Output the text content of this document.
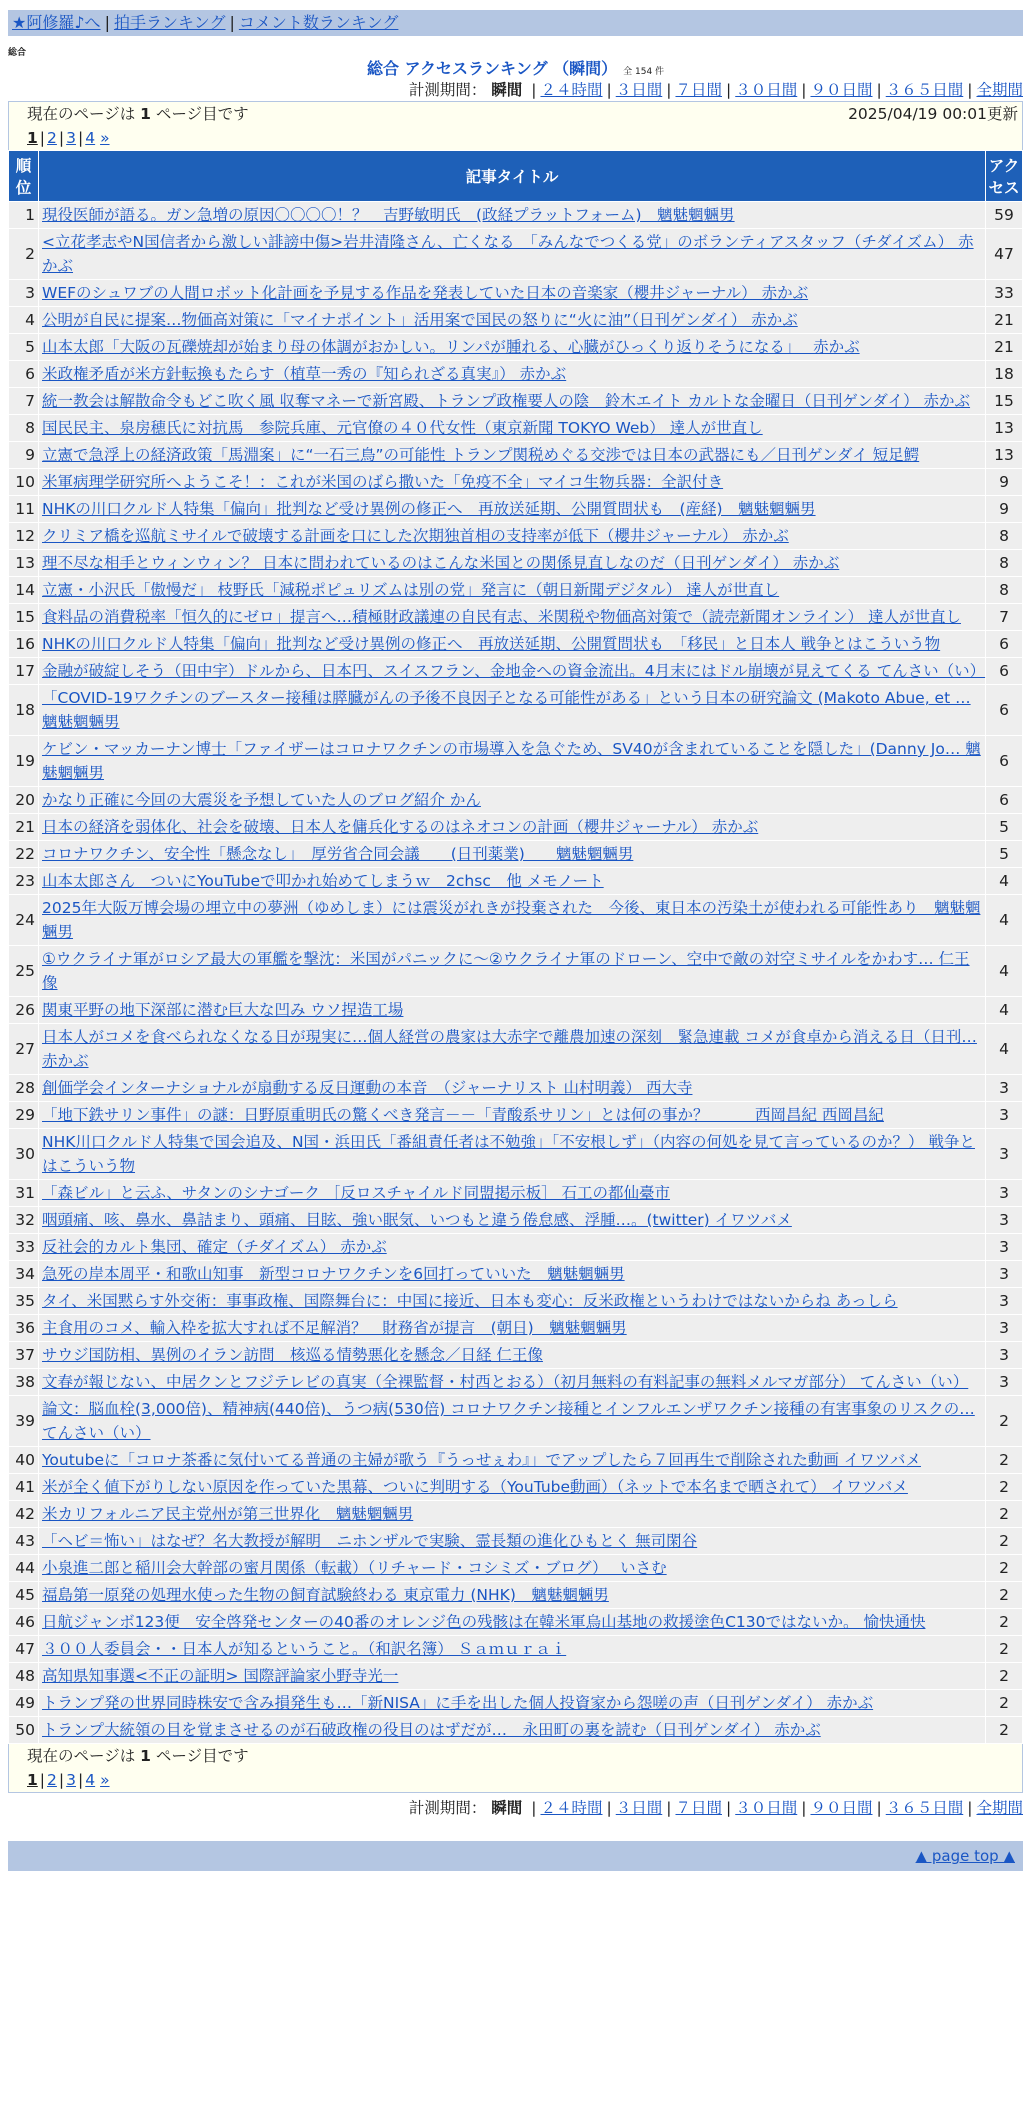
★阿修羅♪へ | 拍手ランキング | コメント数ランキング
総合
総合 アクセスランキング （瞬間） 全 154 件
計測期間： 瞬間 | ２４時間 | ３日間 | ７日間 | ３０日間 | ９０日間 | ３６５日間 | 全期間
現在のページは 1 ページ目です	2025/04/19 00:01更新
1 | 2 | 3 | 4 »
順
位	記事タイトル	アク
セス
1	現役医師が語る。ガン急増の原因〇〇〇〇！？　吉野敏明氏　(政経プラットフォーム)　魑魅魍魎男	59
2	<立花孝志やN国信者から激しい誹謗中傷>岩井清隆さん、亡くなる　「みんなでつくる党」のボランティアスタッフ（チダイズム） 赤かぶ	47
3	WEFのシュワブの人間ロボット化計画を予見する作品を発表していた日本の音楽家（櫻井ジャーナル） 赤かぶ	33
4	公明が自民に提案…物価高対策に「マイナポイント」活用案で国民の怒りに“火に油”（日刊ゲンダイ） 赤かぶ	21
5	山本太郎「大阪の瓦礫焼却が始まり母の体調がおかしい。リンパが腫れる、心臓がひっくり返りそうになる」　 赤かぶ	21
6	米政権矛盾が米方針転換もたらす（植草一秀の『知られざる真実』） 赤かぶ	18
7	統一教会は解散命令もどこ吹く風 収奪マネーで新宮殿、トランプ政権要人の陰　鈴木エイト カルトな金曜日（日刊ゲンダイ） 赤かぶ	15
8	国民民主、泉房穂氏に対抗馬　参院兵庫、元官僚の４０代女性（東京新聞 TOKYO Web） 達人が世直し	13
9	立憲で急浮上の経済政策「馬淵案」に“一石三鳥”の可能性 トランプ関税めぐる交渉では日本の武器にも／日刊ゲンダイ 短足鰐	13
10	米軍病理学研究所へようこそ！：これが米国のばら撒いた「免疫不全」マイコ生物兵器：全訳付き	9
11	NHKの川口クルド人特集「偏向」批判など受け異例の修正へ　再放送延期、公開質問状も　(産経)　魑魅魍魎男	9
12	クリミア橋を巡航ミサイルで破壊する計画を口にした次期独首相の支持率が低下（櫻井ジャーナル） 赤かぶ	8
13	理不尽な相手とウィンウィン？ 日本に問われているのはこんな米国との関係見直しなのだ（日刊ゲンダイ） 赤かぶ	8
14	立憲・小沢氏「傲慢だ」 枝野氏「減税ポピュリズムは別の党」発言に（朝日新聞デジタル） 達人が世直し	8
15	食料品の消費税率「恒久的にゼロ」提言へ…積極財政議連の自民有志、米関税や物価高対策で（読売新聞オンライン） 達人が世直し	7
16	NHKの川口クルド人特集「偏向」批判など受け異例の修正へ　再放送延期、公開質問状も　「移民」と日本人 戦争とはこういう物	6
17	金融が破綻しそう（田中宇）ドルから、日本円、スイスフラン、金地金への資金流出。4月末にはドル崩壊が見えてくる てんさい（い）	6
18	「COVID-19ワクチンのブースター接種は膵臓がんの予後不良因子となる可能性がある」という日本の研究論文 (Makoto Abue, et … 魑魅魍魎男	6
19	ケビン・マッカーナン博士「ファイザーはコロナワクチンの市場導入を急ぐため、SV40が含まれていることを隠した」(Danny Jo… 魑魅魍魎男	6
20	かなり正確に今回の大震災を予想していた人のブログ紹介 かん	6
21	日本の経済を弱体化、社会を破壊、日本人を傭兵化するのはネオコンの計画（櫻井ジャーナル） 赤かぶ	5
22	コロナワクチン、安全性「懸念なし」　厚労省合同会議　　(日刊薬業)　　魑魅魍魎男	5
23	山本太郎さん　ついにYouTubeで叩かれ始めてしまうｗ　2chsc　他 メモノート	4
24	2025年大阪万博会場の埋立中の夢洲（ゆめしま）には震災がれきが投棄された　今後、東日本の汚染土が使われる可能性あり　魑魅魍魎男	4
25	①ウクライナ軍がロシア最大の軍艦を撃沈：米国がパニックに～②ウクライナ軍のドローン、空中で敵の対空ミサイルをかわす… 仁王像	4
26	関東平野の地下深部に潜む巨大な凹み ウソ捏造工場	4
27	日本人がコメを食べられなくなる日が現実に…個人経営の農家は大赤字で離農加速の深刻　緊急連載 コメが食卓から消える日（日刊… 赤かぶ	4
28	創価学会インターナショナルが扇動する反日運動の本音　（ジャーナリスト 山村明義） 西大寺	3
29	「地下鉄サリン事件」の謎：日野原重明氏の驚くべき発言－－「青酸系サリン」とは何の事か？　　　西岡昌紀 西岡昌紀	3
30	NHK川口クルド人特集で国会追及、N国・浜田氏「番組責任者は不勉強」「不安根しず」（内容の何処を見て言っているのか？） 戦争とはこういう物	3
31	「森ビル」と云ふ、サタンのシナゴーク ［反ロスチャイルド同盟掲示板］ 石工の都仙臺市	3
32	咽頭痛、咳、鼻水、鼻詰まり、頭痛、目眩、強い眠気、いつもと違う倦怠感、浮腫…。(twitter) イワツバメ	3
33	反社会的カルト集団、確定（チダイズム） 赤かぶ	3
34	急死の岸本周平・和歌山知事　新型コロナワクチンを6回打っていいた　魑魅魍魎男	3
35	タイ、米国黙らす外交術：事事政権、国際舞台に：中国に接近、日本も変心：反米政権というわけではないからね あっしら	3
36	主食用のコメ、輸入枠を拡大すれば不足解消？　財務省が提言　(朝日)　魑魅魍魎男	3
37	サウジ国防相、異例のイラン訪問　核巡る情勢悪化を懸念／日経 仁王像	3
38	文春が報じない、中居クンとフジテレビの真実（全裸監督・村西とおる）（初月無料の有料記事の無料メルマガ部分） てんさい（い）	3
39	論文：脳血栓(3,000倍)、精神病(440倍)、うつ病(530倍) コロナワクチン接種とインフルエンザワクチン接種の有害事象のリスクの… てんさい（い）	2
40	Youtubeに「コロナ茶番に気付いてる普通の主婦が歌う『うっせぇわ』」でアップしたら７回再生で削除された動画 イワツバメ	2
41	米が全く値下がりしない原因を作っていた黒幕、ついに判明する（YouTube動画）（ネットで本名まで晒されて） イワツバメ	2
42	米カリフォルニア民主党州が第三世界化　魑魅魍魎男	2
43	「ヘビ＝怖い」はなぜ？名大教授が解明　ニホンザルで実験、霊長類の進化ひもとく 無司閑谷	2
44	小泉進二郎と稲川会大幹部の蜜月関係（転載）（リチャード・コシミズ・ブログ）　 いさむ	2
45	福島第一原発の処理水使った生物の飼育試験終わる 東京電力 (NHK)　魑魅魍魎男	2
46	日航ジャンボ123便　安全啓発センターの40番のオレンジ色の残骸は在韓米軍烏山基地の救援塗色C130ではないか。 愉快通快	2
47	３００人委員会・・日本人が知るということ。（和訳名簿） Ｓａｍｕｒａｉ	2
48	高知県知事選<不正の証明> 国際評論家小野寺光一	2
49	トランプ発の世界同時株安で含み損発生も…「新NISA」に手を出した個人投資家から怨嗟の声（日刊ゲンダイ） 赤かぶ	2
50	トランプ大統領の目を覚まさせるのが石破政権の役目のはずだが…　永田町の裏を読む（日刊ゲンダイ） 赤かぶ	2
現在のページは 1 ページ目です
1 | 2 | 3 | 4 »
計測期間： 瞬間 | ２４時間 | ３日間 | ７日間 | ３０日間 | ９０日間 | ３６５日間 | 全期間
▲ page top ▲
